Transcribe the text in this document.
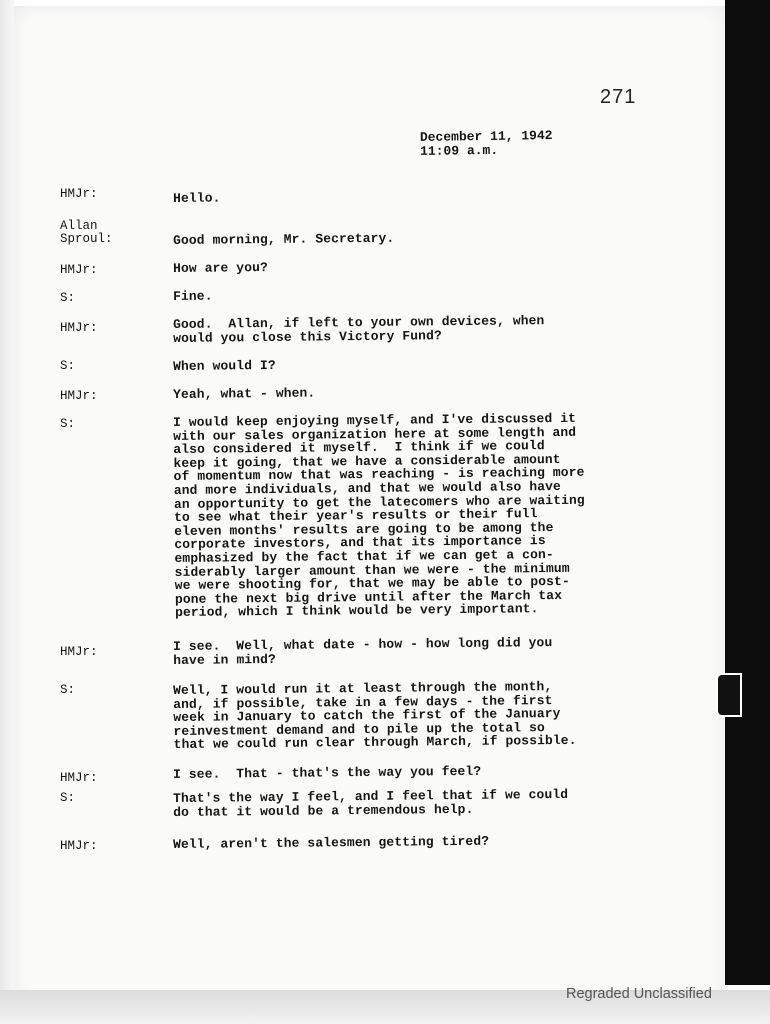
271
December 11, 1942
11:09 a.m.
HMJr:	Hello.
Allan
Sproul:	Good morning, Mr. Secretary.
HMJr:	How are you?
S:	Fine.
HMJr:	Good.  Allan, if left to your own devices, when
would you close this Victory Fund?
S:	When would I?
HMJr:	Yeah, what - when.
S:	I would keep enjoying myself, and I've discussed it
with our sales organization here at some length and
also considered it myself.  I think if we could
keep it going, that we have a considerable amount
of momentum now that was reaching - is reaching more
and more individuals, and that we would also have
an opportunity to get the latecomers who are waiting
to see what their year's results or their full
eleven months' results are going to be among the
corporate investors, and that its importance is
emphasized by the fact that if we can get a con-
siderably larger amount than we were - the minimum
we were shooting for, that we may be able to post-
pone the next big drive until after the March tax
period, which I think would be very important.
HMJr:	I see.  Well, what date - how - how long did you
have in mind?
S:	Well, I would run it at least through the month,
and, if possible, take in a few days - the first
week in January to catch the first of the January
reinvestment demand and to pile up the total so
that we could run clear through March, if possible.
HMJr:	I see.  That - that's the way you feel?
S:	That's the way I feel, and I feel that if we could
do that it would be a tremendous help.
HMJr:	Well, aren't the salesmen getting tired?
Regraded Unclassified
